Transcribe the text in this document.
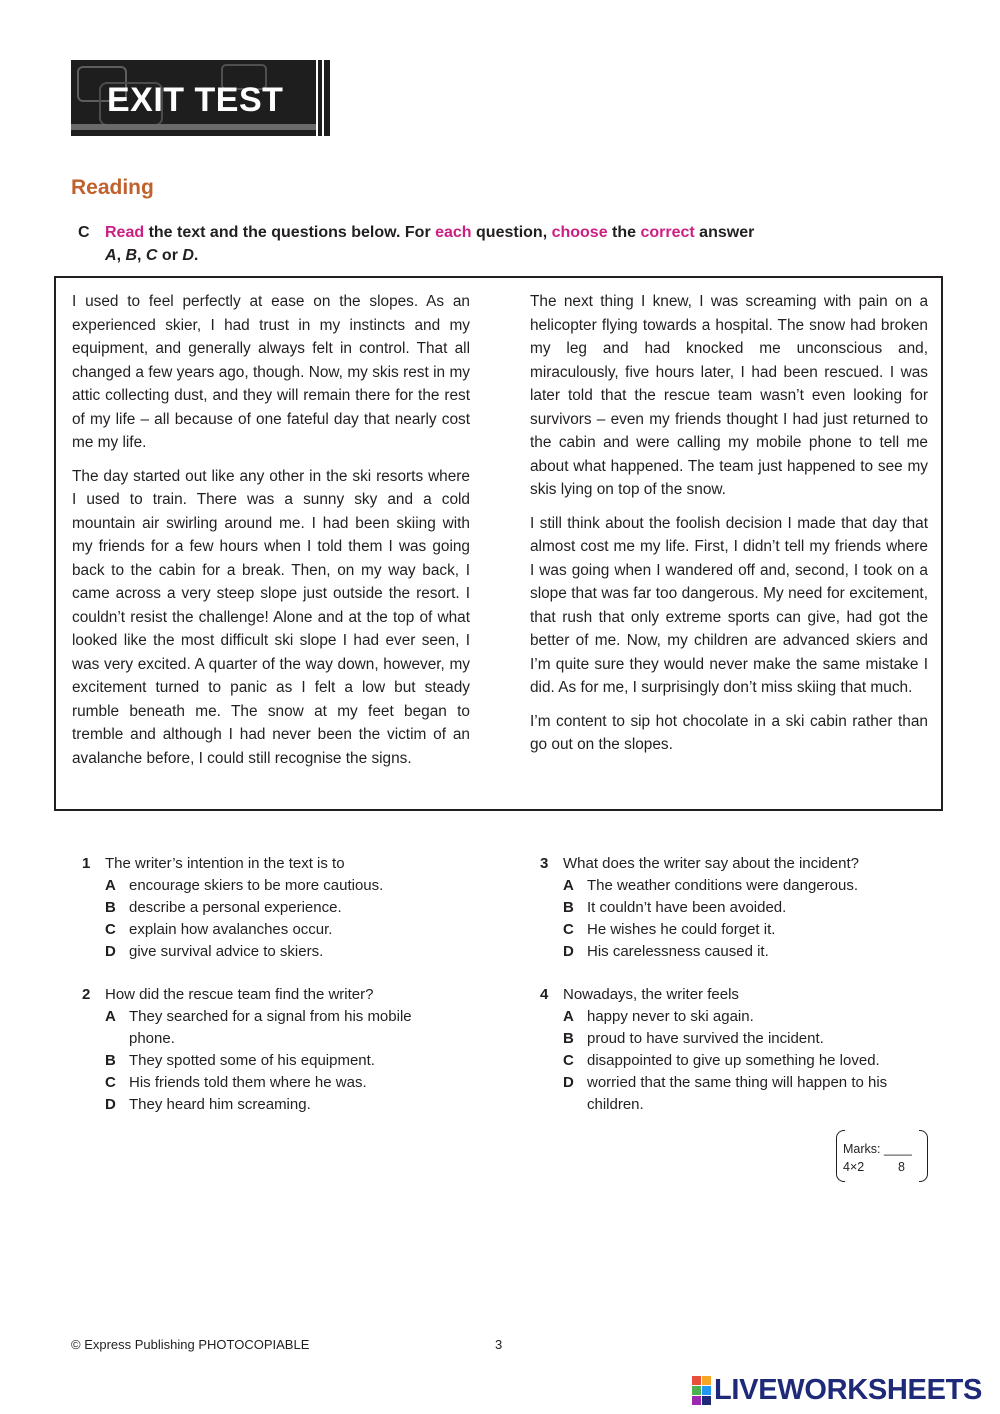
EXIT TEST
Reading
C Read the text and the questions below. For each question, choose the correct answer
A, B, C or D.

I used to feel perfectly at ease on the slopes. As an experienced skier, I had trust in my instincts and my equipment, and generally always felt in control. That all changed a few years ago, though. Now, my skis rest in my attic collecting dust, and they will remain there for the rest of my life – all because of one fateful day that nearly cost me my life.

The day started out like any other in the ski resorts where I used to train. There was a sunny sky and a cold mountain air swirling around me. I had been skiing with my friends for a few hours when I told them I was going back to the cabin for a break. Then, on my way back, I came across a very steep slope just outside the resort. I couldn’t resist the challenge! Alone and at the top of what looked like the most difficult ski slope I had ever seen, I was very excited. A quarter of the way down, however, my excitement turned to panic as I felt a low but steady rumble beneath me. The snow at my feet began to tremble and although I had never been the victim of an avalanche before, I could still recognise the signs.

The next thing I knew, I was screaming with pain on a helicopter flying towards a hospital. The snow had broken my leg and had knocked me unconscious and, miraculously, five hours later, I had been rescued. I was later told that the rescue team wasn’t even looking for survivors – even my friends thought I had just returned to the cabin and were calling my mobile phone to tell me about what happened. The team just happened to see my skis lying on top of the snow.

I still think about the foolish decision I made that day that almost cost me my life. First, I didn’t tell my friends where I was going when I wandered off and, second, I took on a slope that was far too dangerous. My need for excitement, that rush that only extreme sports can give, had got the better of me. Now, my children are advanced skiers and I’m quite sure they would never make the same mistake I did. As for me, I surprisingly don’t miss skiing that much.

I’m content to sip hot chocolate in a ski cabin rather than go out on the slopes.

1 The writer’s intention in the text is to
A encourage skiers to be more cautious.
B describe a personal experience.
C explain how avalanches occur.
D give survival advice to skiers.
2 How did the rescue team find the writer?
A They searched for a signal from his mobile phone.
B They spotted some of his equipment.
C His friends told them where he was.
D They heard him screaming.
3 What does the writer say about the incident?
A The weather conditions were dangerous.
B It couldn’t have been avoided.
C He wishes he could forget it.
D His carelessness caused it.
4 Nowadays, the writer feels
A happy never to ski again.
B proud to have survived the incident.
C disappointed to give up something he loved.
D worried that the same thing will happen to his children.
Marks: ____
4×2	8
© Express Publishing PHOTOCOPIABLE	3
LIVEWORKSHEETS
